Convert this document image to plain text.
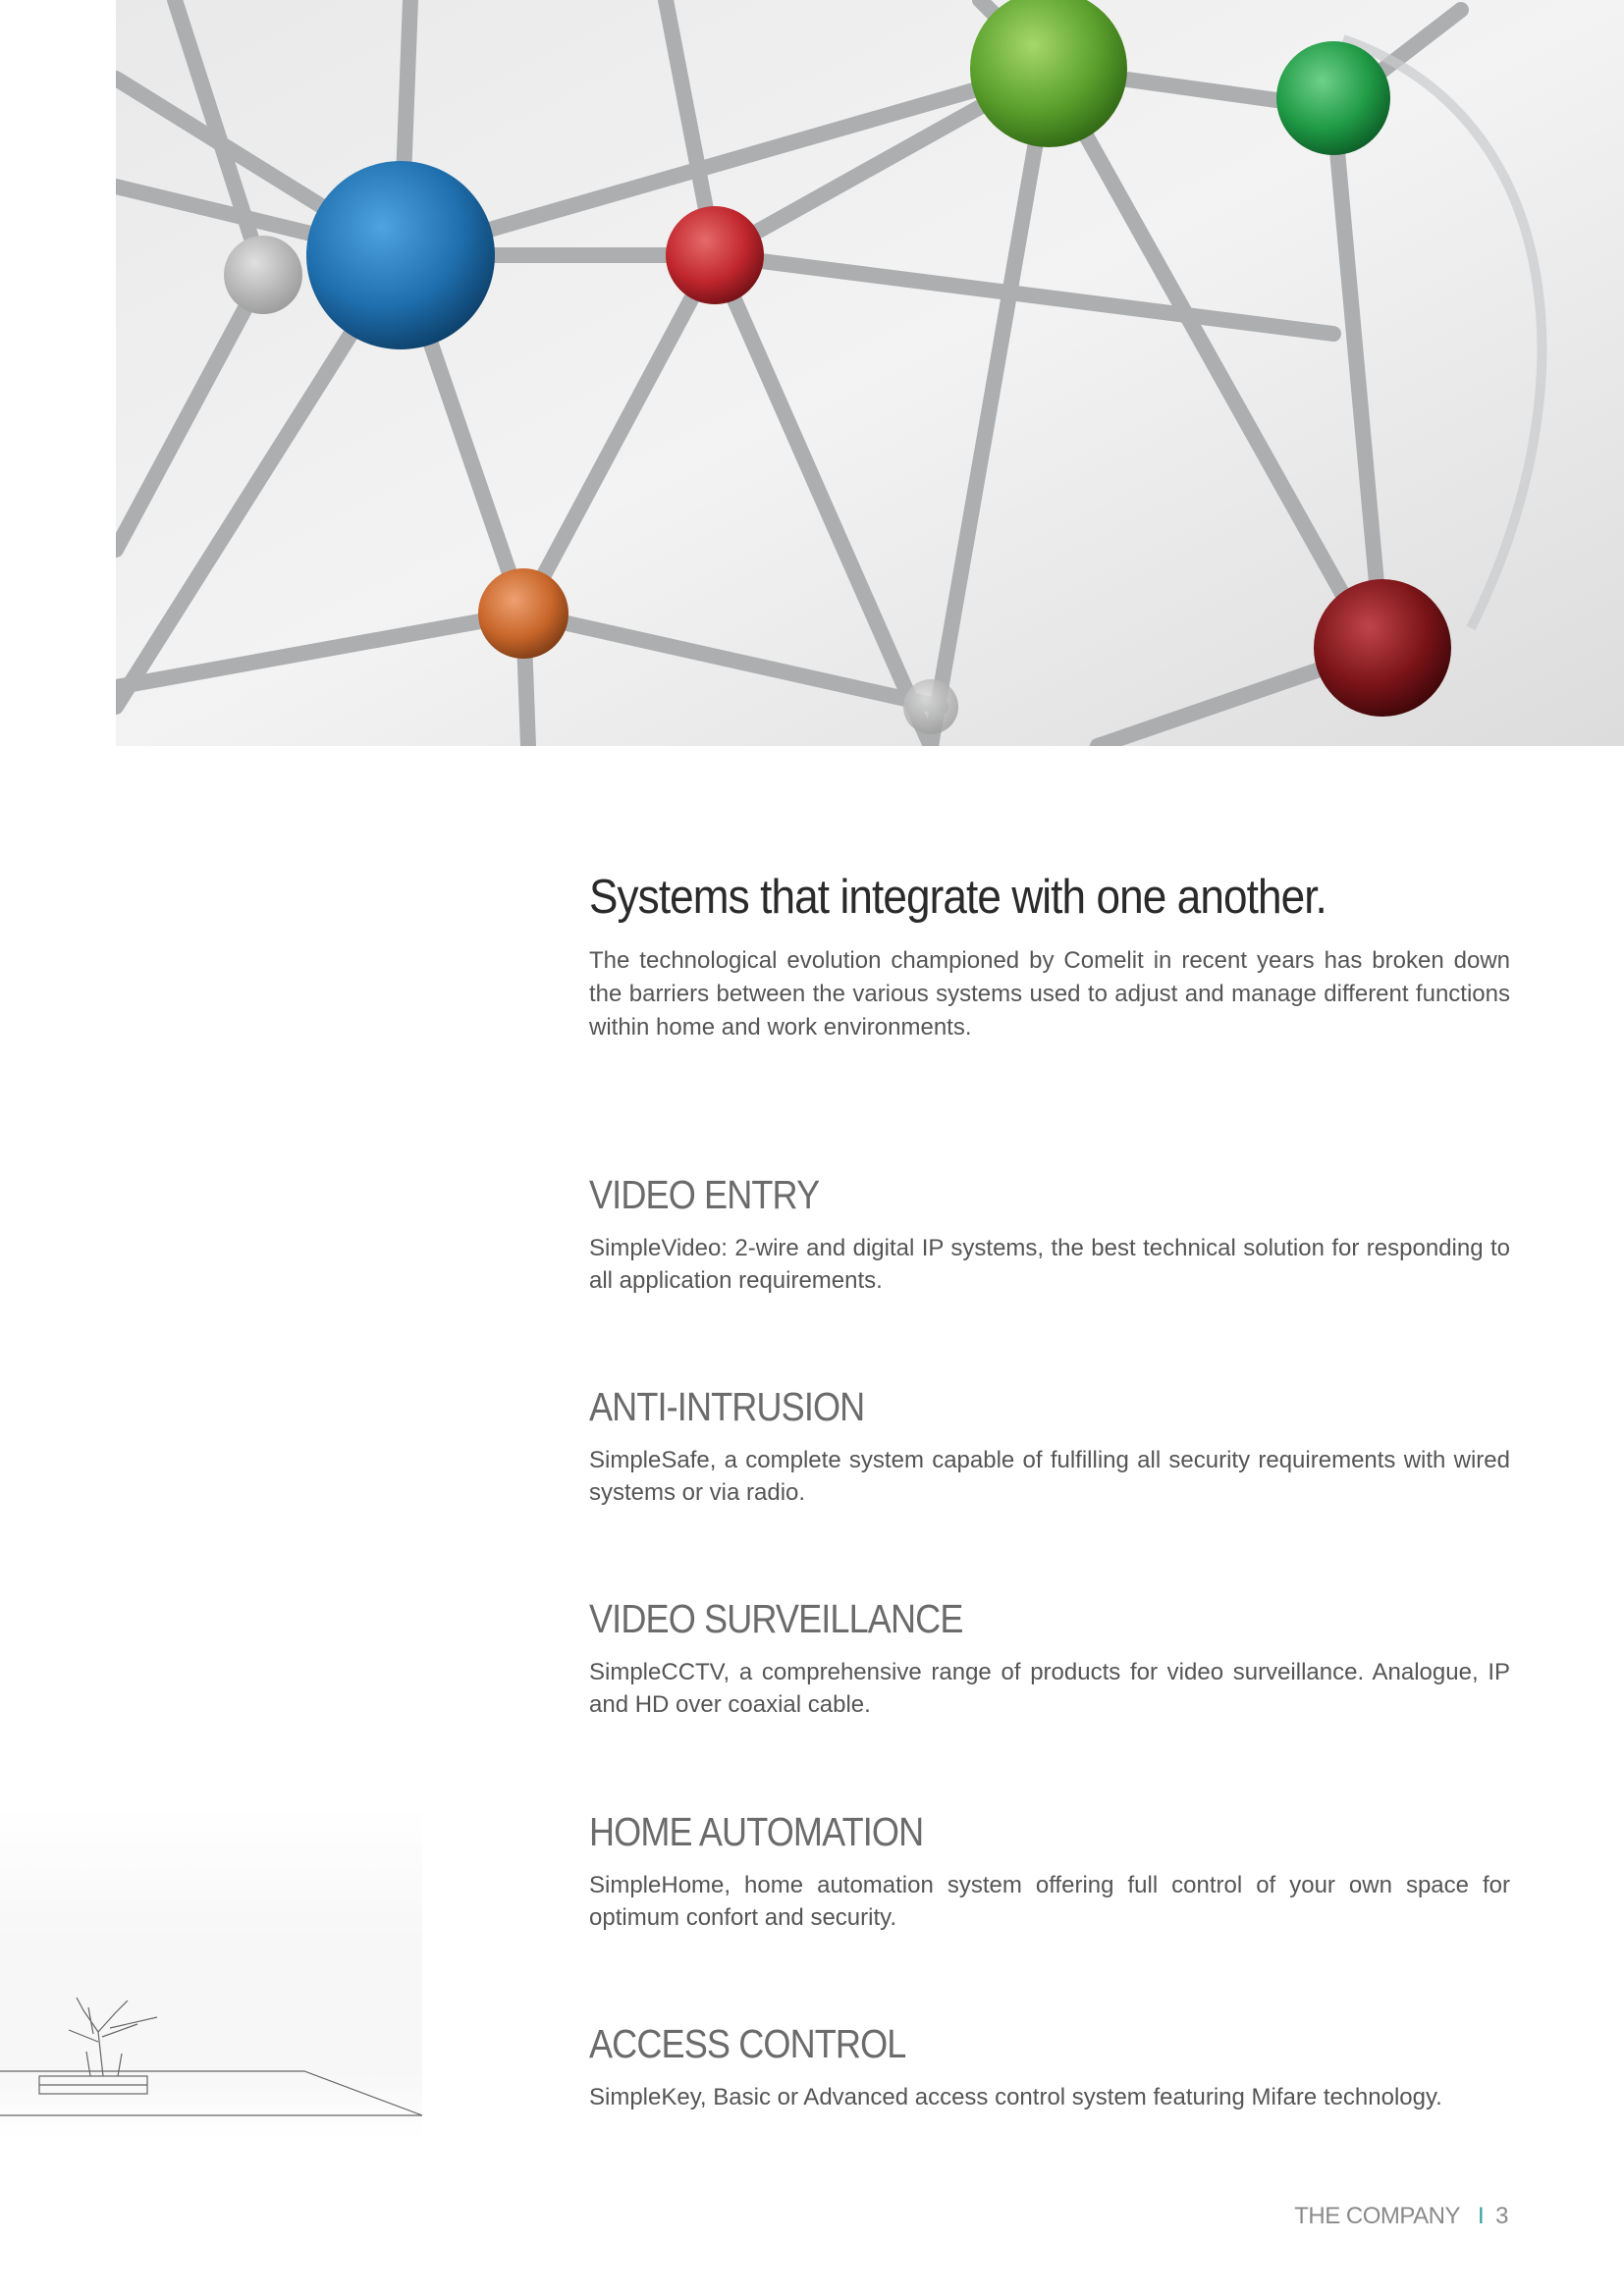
Systems that integrate with one another.

The technological evolution championed by Comelit in recent years has broken down the barriers between the various systems used to adjust and manage different functions within home and work environments.

VIDEO ENTRY

SimpleVideo: 2-wire and digital IP systems, the best technical solution for responding to all application requirements.

ANTI-INTRUSION

SimpleSafe, a complete system capable of fulfilling all security requirements with wired systems or via radio.

VIDEO SURVEILLANCE

SimpleCCTV, a comprehensive range of products for video surveillance. Analogue, IP and HD over coaxial cable.

HOME AUTOMATION

SimpleHome, home automation system offering full control of your own space for optimum confort and security.

ACCESS CONTROL

SimpleKey, Basic or Advanced access control system featuring Mifare technology.

THE COMPANY I 3
